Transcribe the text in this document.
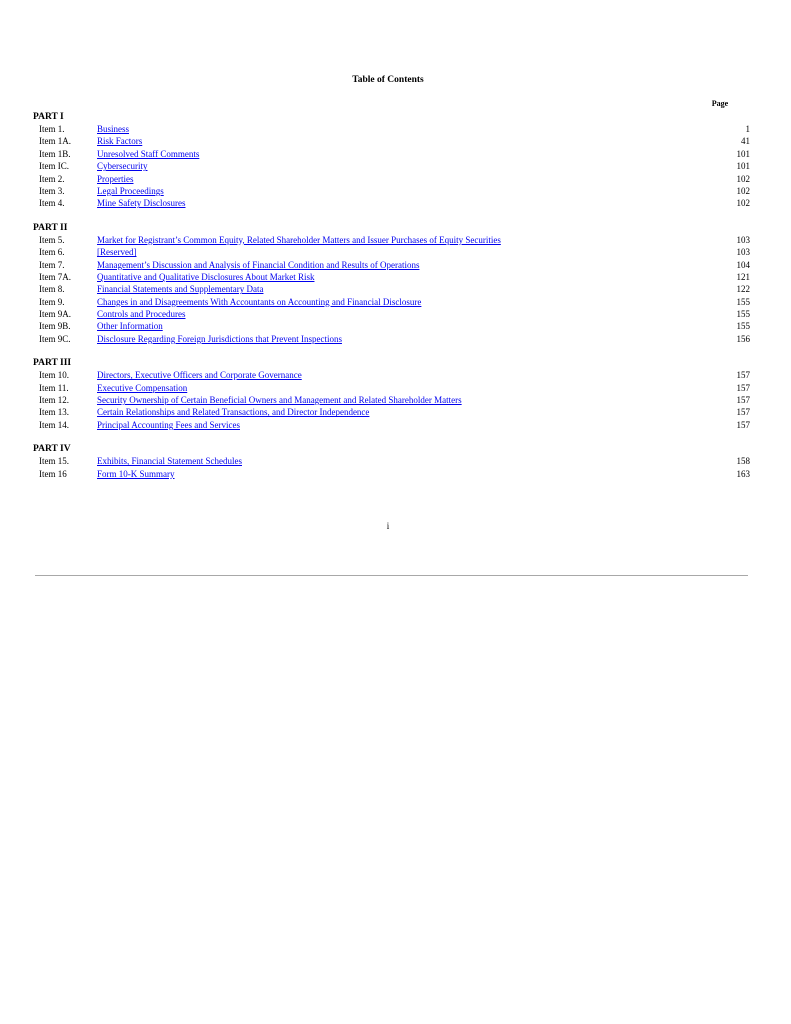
Table of Contents
Page
PART I
Item 1.	Business	1
Item 1A.	Risk Factors	41
Item 1B.	Unresolved Staff Comments	101
Item IC.	Cybersecurity	101
Item 2.	Properties	102
Item 3.	Legal Proceedings	102
Item 4.	Mine Safety Disclosures	102
PART II
Item 5.	Market for Registrant’s Common Equity, Related Shareholder Matters and Issuer Purchases of Equity Securities	103
Item 6.	[Reserved]	103
Item 7.	Management’s Discussion and Analysis of Financial Condition and Results of Operations	104
Item 7A.	Quantitative and Qualitative Disclosures About Market Risk	121
Item 8.	Financial Statements and Supplementary Data	122
Item 9.	Changes in and Disagreements With Accountants on Accounting and Financial Disclosure	155
Item 9A.	Controls and Procedures	155
Item 9B.	Other Information	155
Item 9C.	Disclosure Regarding Foreign Jurisdictions that Prevent Inspections	156
PART III
Item 10.	Directors, Executive Officers and Corporate Governance	157
Item 11.	Executive Compensation	157
Item 12.	Security Ownership of Certain Beneficial Owners and Management and Related Shareholder Matters	157
Item 13.	Certain Relationships and Related Transactions, and Director Independence	157
Item 14.	Principal Accounting Fees and Services	157
PART IV
Item 15.	Exhibits, Financial Statement Schedules	158
Item 16	Form 10-K Summary	163
i
